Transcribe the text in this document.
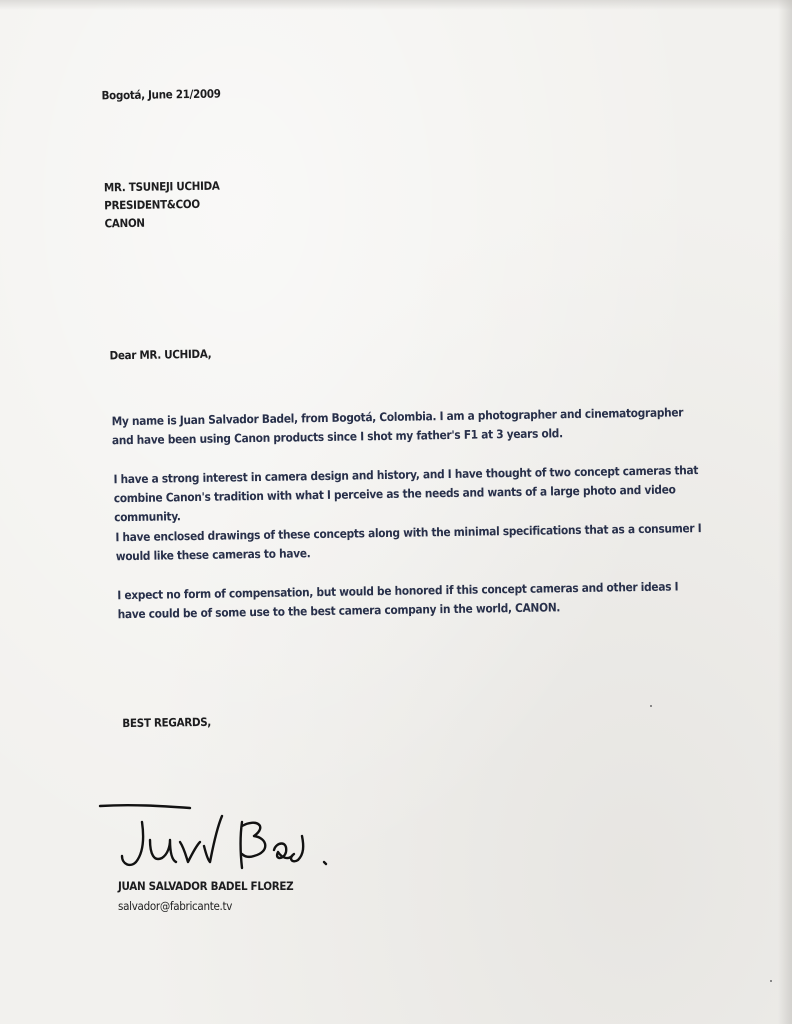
Bogotá, June 21/2009

MR. TSUNEJI UCHIDA
PRESIDENT&COO
CANON

Dear MR. UCHIDA,

My name is Juan Salvador Badel, from Bogotá, Colombia. I am a photographer and cinematographer and have been using Canon products since I shot my father's F1 at 3 years old.

I have a strong interest in camera design and history, and I have thought of two concept cameras that combine Canon's tradition with what I perceive as the needs and wants of a large photo and video community.

I have enclosed drawings of these concepts along with the minimal specifications that as a consumer I would like these cameras to have.

I expect no form of compensation, but would be honored if this concept cameras and other ideas I have could be of some use to the best camera company in the world, CANON.

BEST REGARDS,

JUAN SALVADOR BADEL FLOREZ

salvador@fabricante.tv
